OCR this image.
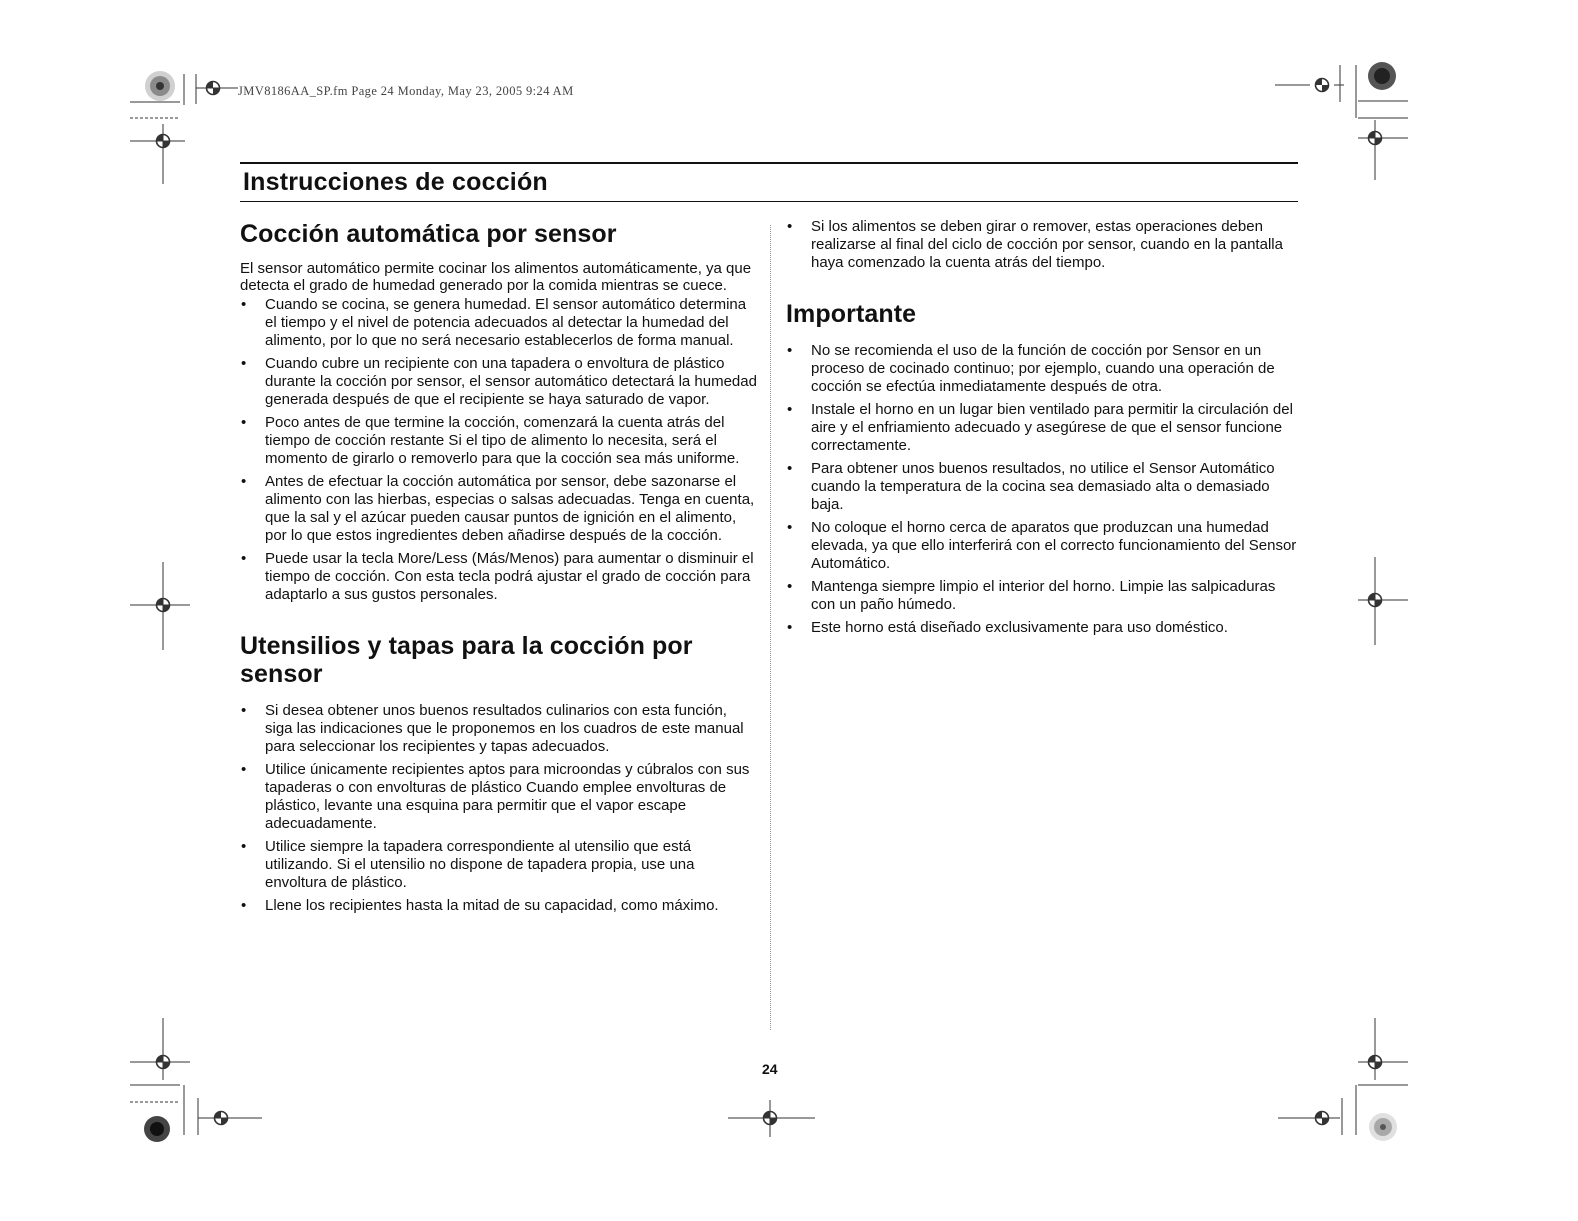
JMV8186AA_SP.fm Page 24 Monday, May 23, 2005 9:24 AM
Instrucciones de cocción
Cocción automática por sensor

El sensor automático permite cocinar los alimentos automáticamente, ya que detecta el grado de humedad generado por la comida mientras se cuece.

• Cuando se cocina, se genera humedad. El sensor automático determina el tiempo y el nivel de potencia adecuados al detectar la humedad del alimento, por lo que no será necesario establecerlos de forma manual.
• Cuando cubre un recipiente con una tapadera o envoltura de plástico durante la cocción por sensor, el sensor automático detectará la humedad generada después de que el recipiente se haya saturado de vapor.
• Poco antes de que termine la cocción, comenzará la cuenta atrás del tiempo de cocción restante Si el tipo de alimento lo necesita, será el momento de girarlo o removerlo para que la cocción sea más uniforme.
• Antes de efectuar la cocción automática por sensor, debe sazonarse el alimento con las hierbas, especias o salsas adecuadas. Tenga en cuenta, que la sal y el azúcar pueden causar puntos de ignición en el alimento, por lo que estos ingredientes deben añadirse después de la cocción.
• Puede usar la tecla More/Less (Más/Menos) para aumentar o disminuir el tiempo de cocción. Con esta tecla podrá ajustar el grado de cocción para adaptarlo a sus gustos personales.
Utensilios y tapas para la cocción por sensor
• Si desea obtener unos buenos resultados culinarios con esta función, siga las indicaciones que le proponemos en los cuadros de este manual para seleccionar los recipientes y tapas adecuados.
• Utilice únicamente recipientes aptos para microondas y cúbralos con sus tapaderas o con envolturas de plástico Cuando emplee envolturas de plástico, levante una esquina para permitir que el vapor escape adecuadamente.
• Utilice siempre la tapadera correspondiente al utensilio que está utilizando. Si el utensilio no dispone de tapadera propia, use una envoltura de plástico.
• Llene los recipientes hasta la mitad de su capacidad, como máximo.
• Si los alimentos se deben girar o remover, estas operaciones deben realizarse al final del ciclo de cocción por sensor, cuando en la pantalla haya comenzado la cuenta atrás del tiempo.
Importante
• No se recomienda el uso de la función de cocción por Sensor en un proceso de cocinado continuo; por ejemplo, cuando una operación de cocción se efectúa inmediatamente después de otra.
• Instale el horno en un lugar bien ventilado para permitir la circulación del aire y el enfriamiento adecuado y asegúrese de que el sensor funcione correctamente.
• Para obtener unos buenos resultados, no utilice el Sensor Automático cuando la temperatura de la cocina sea demasiado alta o demasiado baja.
• No coloque el horno cerca de aparatos que produzcan una humedad elevada, ya que ello interferirá con el correcto funcionamiento del Sensor Automático.
• Mantenga siempre limpio el interior del horno. Limpie las salpicaduras con un paño húmedo.
• Este horno está diseñado exclusivamente para uso doméstico.

24
